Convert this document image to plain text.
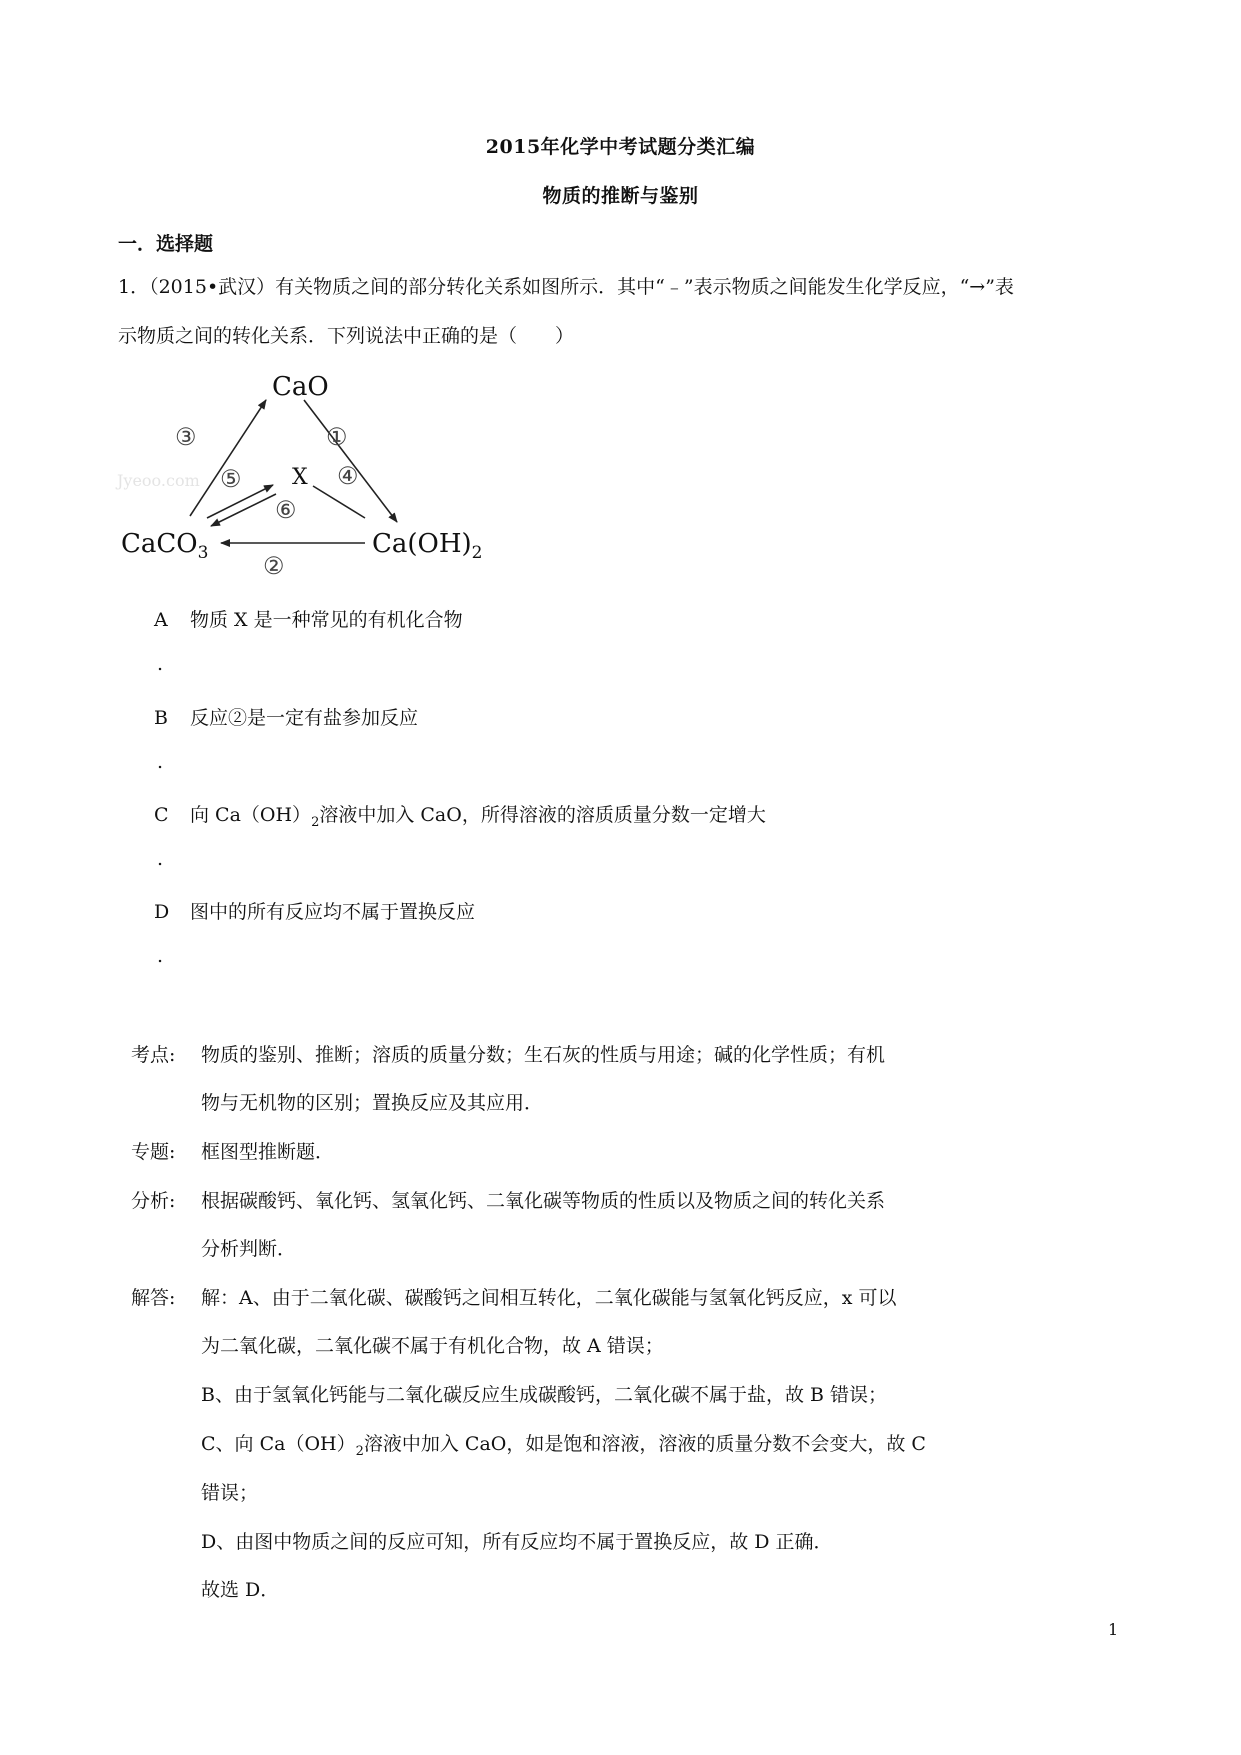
2015年化学中考试题分类汇编
物质的推断与鉴别
一．选择题
1．（2015•武汉）有关物质之间的部分转化关系如图所示．其中“﹣”表示物质之间能发生化学反应，“→”表
示物质之间的转化关系．下列说法中正确的是（　　）
Jyeoo.com
CaO
X
CaCO$_3$	$Ca(OH)_2$
①
②
③
④
⑤
⑥
A 物质 X 是一种常见的有机化合物
.
B 反应②是一定有盐参加反应
.
C 向 $Ca(OH)_2$溶液中加入 CaO，所得溶液的溶质质量分数一定增大
.
D 图中的所有反应均不属于置换反应
.
考点: 物质的鉴别、推断；溶质的质量分数；生石灰的性质与用途；碱的化学性质；有机
物与无机物的区别；置换反应及其应用．
专题: 框图型推断题．
分析: 根据碳酸钙、氧化钙、氢氧化钙、二氧化碳等物质的性质以及物质之间的转化关系
分析判断．
解答: 解：A、由于二氧化碳、碳酸钙之间相互转化，二氧化碳能与氢氧化钙反应，x 可以
为二氧化碳，二氧化碳不属于有机化合物，故 A 错误；
B、由于氢氧化钙能与二氧化碳反应生成碳酸钙，二氧化碳不属于盐，故 B 错误；
C、向 $Ca(OH)_2$溶液中加入 CaO，如是饱和溶液，溶液的质量分数不会变大，故 C
错误；
D、由图中物质之间的反应可知，所有反应均不属于置换反应，故 D 正确．
故选 D．
1
